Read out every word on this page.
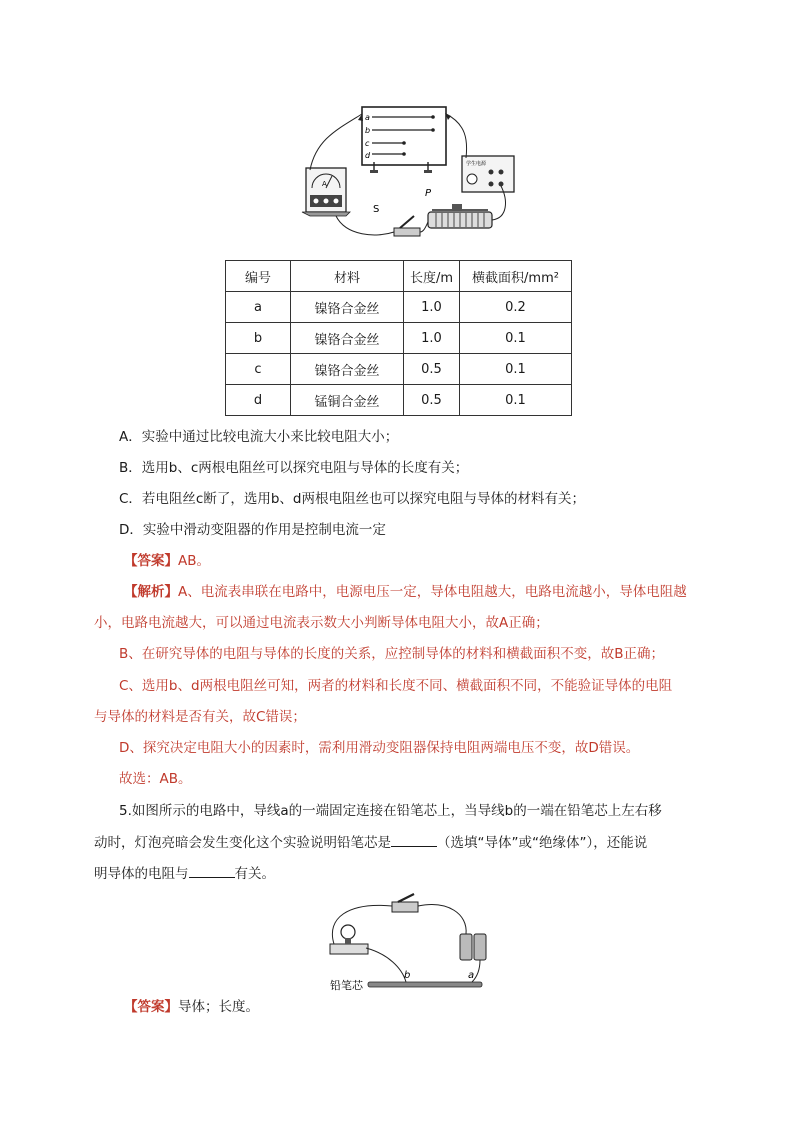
a
b
c
d
A
学生电源
S
P
编号	材料	长度/m	横截面积/mm²
a	镍铬合金丝	1.0	0.2
b	镍铬合金丝	1.0	0.1
c	镍铬合金丝	0.5	0.1
d	锰铜合金丝	0.5	0.1
A．实验中通过比较电流大小来比较电阻大小；
B．选用b、c两根电阻丝可以探究电阻与导体的长度有关；
C．若电阻丝c断了，选用b、d两根电阻丝也可以探究电阻与导体的材料有关；
D．实验中滑动变阻器的作用是控制电流一定
【答案】AB。
【解析】A、电流表串联在电路中，电源电压一定，导体电阻越大，电路电流越小，导体电阻越
小，电路电流越大，可以通过电流表示数大小判断导体电阻大小，故A正确；
B、在研究导体的电阻与导体的长度的关系，应控制导体的材料和横截面积不变，故B正确；
C、选用b、d两根电阻丝可知，两者的材料和长度不同、横截面积不同，不能验证导体的电阻
与导体的材料是否有关，故C错误；
D、探究决定电阻大小的因素时，需利用滑动变阻器保持电阻两端电压不变，故D错误。
故选：AB。
5.如图所示的电路中，导线a的一端固定连接在铅笔芯上，当导线b的一端在铅笔芯上左右移
动时，灯泡亮暗会发生变化这个实验说明铅笔芯是	（选填“导体”或“绝缘体”），还能说
明导体的电阻与	有关。
铅笔芯
b	a
【答案】导体；长度。
